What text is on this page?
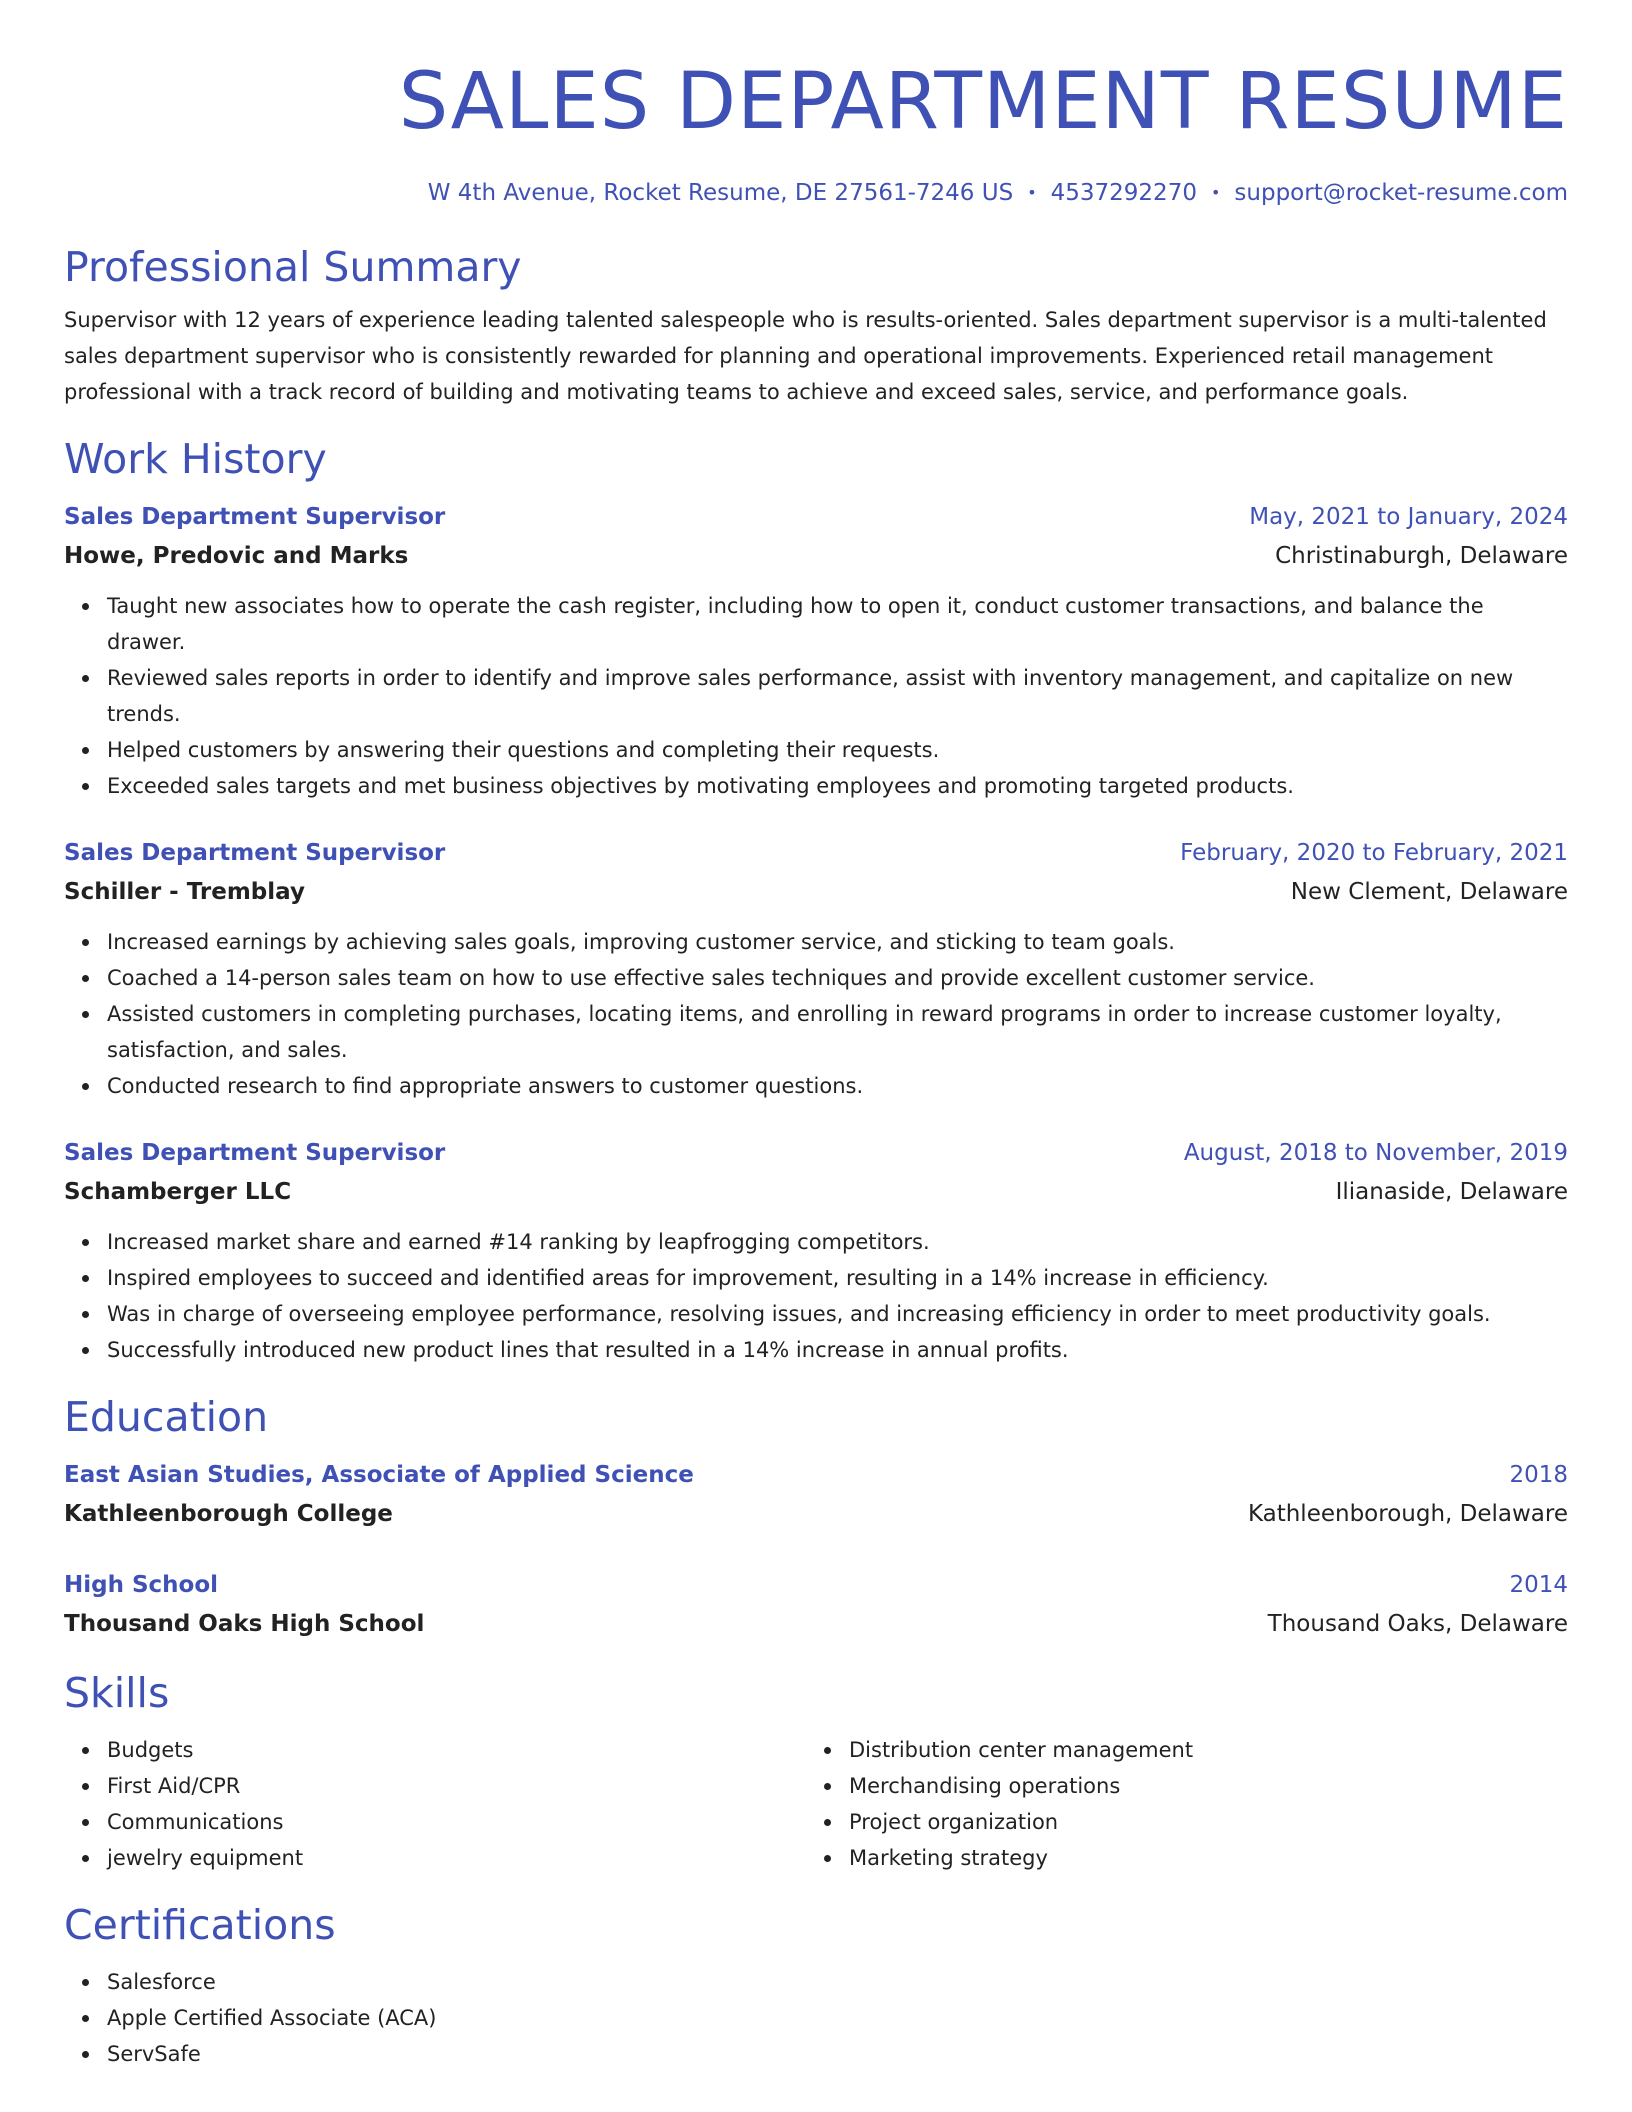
SALES DEPARTMENT RESUME
W 4th Avenue, Rocket Resume, DE 27561-7246 US • 4537292270 • support@rocket-resume.com
Professional Summary

Supervisor with 12 years of experience leading talented salespeople who is results-oriented. Sales department supervisor is a multi-talented sales department supervisor who is consistently rewarded for planning and operational improvements. Experienced retail management professional with a track record of building and motivating teams to achieve and exceed sales, service, and performance goals.

Work History
Sales Department Supervisor	May, 2021 to January, 2024
Howe, Predovic and Marks	Christinaburgh, Delaware
Taught new associates how to operate the cash register, including how to open it, conduct customer transactions, and balance the drawer.
Reviewed sales reports in order to identify and improve sales performance, assist with inventory management, and capitalize on new trends.
Helped customers by answering their questions and completing their requests.
Exceeded sales targets and met business objectives by motivating employees and promoting targeted products.
Sales Department Supervisor	February, 2020 to February, 2021
Schiller - Tremblay	New Clement, Delaware
Increased earnings by achieving sales goals, improving customer service, and sticking to team goals.
Coached a 14-person sales team on how to use effective sales techniques and provide excellent customer service.
Assisted customers in completing purchases, locating items, and enrolling in reward programs in order to increase customer loyalty, satisfaction, and sales.
Conducted research to find appropriate answers to customer questions.
Sales Department Supervisor	August, 2018 to November, 2019
Schamberger LLC	Ilianaside, Delaware
Increased market share and earned #14 ranking by leapfrogging competitors.
Inspired employees to succeed and identified areas for improvement, resulting in a 14% increase in efficiency.
Was in charge of overseeing employee performance, resolving issues, and increasing efficiency in order to meet productivity goals.
Successfully introduced new product lines that resulted in a 14% increase in annual profits.
Education
East Asian Studies, Associate of Applied Science	2018
Kathleenborough College	Kathleenborough, Delaware
High School	2014
Thousand Oaks High School	Thousand Oaks, Delaware
Skills
Budgets
First Aid/CPR
Communications
jewelry equipment
Distribution center management
Merchandising operations
Project organization
Marketing strategy
Certifications
Salesforce
Apple Certified Associate (ACA)
ServSafe
